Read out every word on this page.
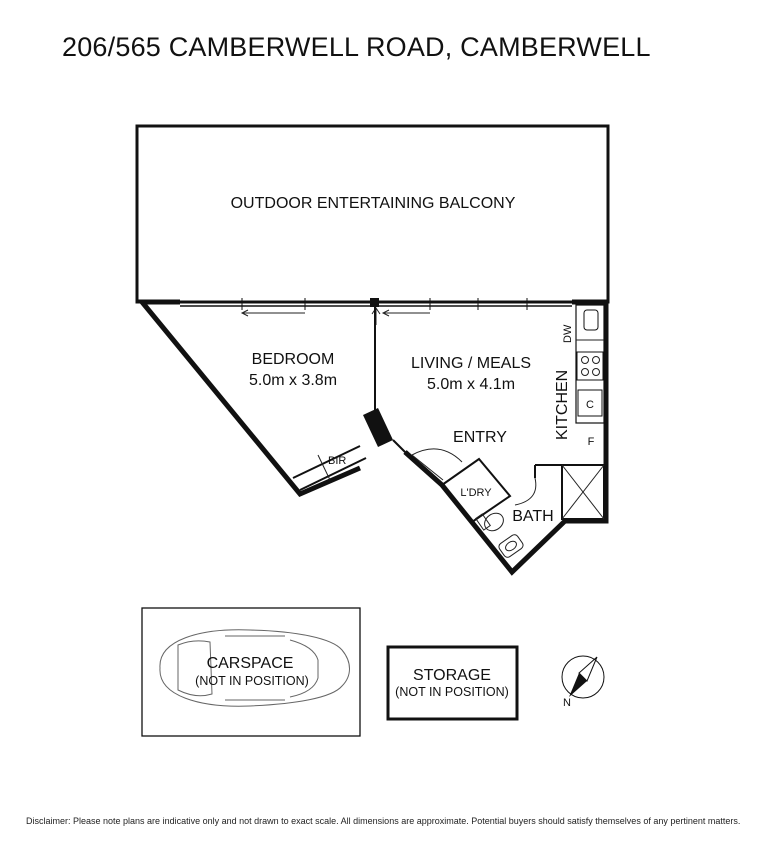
206/565 CAMBERWELL ROAD, CAMBERWELL
OUTDOOR ENTERTAINING BALCONY
BEDROOM
5.0m x 3.8m
BIR
LIVING / MEALS
5.0m x 4.1m
ENTRY
C
F
DW
KITCHEN
L'DRY
BATH
CARSPACE
(NOT IN POSITION)	STORAGE
(NOT IN POSITION)
N
Disclaimer: Please note plans are indicative only and not drawn to exact scale. All dimensions are approximate. Potential buyers should satisfy themselves of any pertinent matters.
